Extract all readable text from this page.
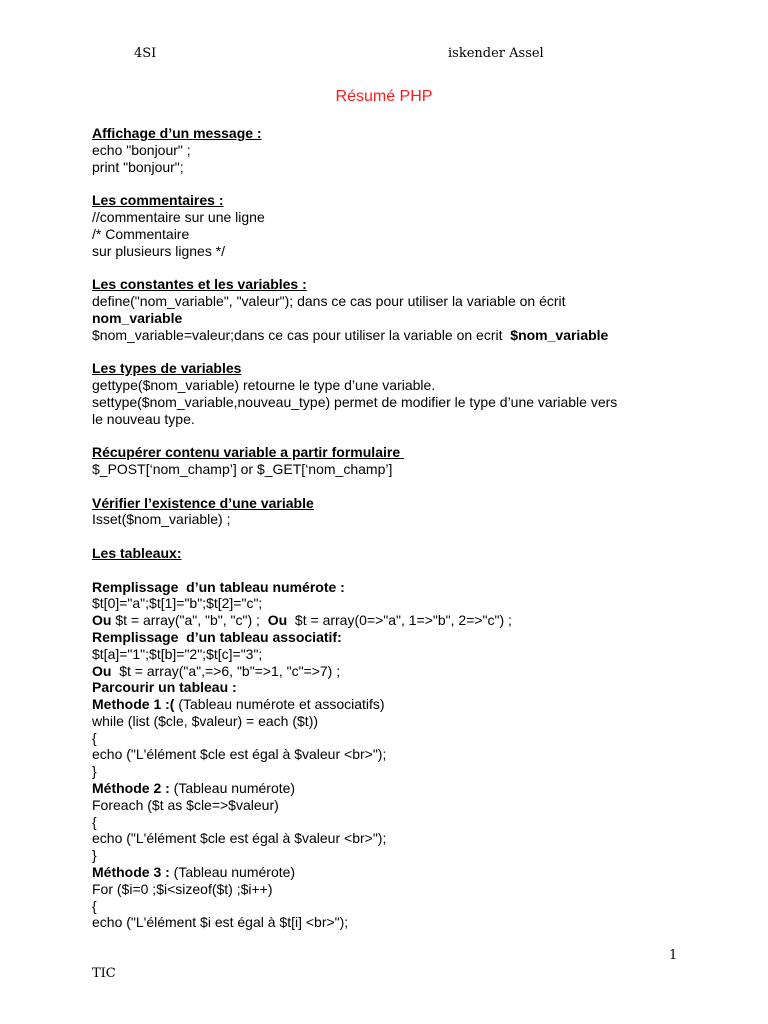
4SI	iskender Assel
Résumé PHP
Affichage d’un message :
echo "bonjour" ;
print "bonjour";
Les commentaires :
//commentaire sur une ligne
/* Commentaire
sur plusieurs lignes */
Les constantes et les variables :
define("nom_variable", "valeur"); dans ce cas pour utiliser la variable on écrit
nom_variable
$nom_variable=valeur;dans ce cas pour utiliser la variable on ecrit  $nom_variable
Les types de variables
gettype($nom_variable) retourne le type d’une variable.
settype($nom_variable,nouveau_type) permet de modifier le type d’une variable vers
le nouveau type.
Récupérer contenu variable a partir formulaire
$_POST[‘nom_champ’] or $_GET[‘nom_champ’]
Vérifier l’existence d’une variable
Isset($nom_variable) ;
Les tableaux:
Remplissage  d’un tableau numérote :
$t[0]="a";$t[1]="b";$t[2]="c";
Ou $t = array("a", "b", "c") ;  Ou  $t = array(0=>"a", 1=>"b", 2=>"c") ;
Remplissage  d’un tableau associatif:
$t[a]="1";$t[b]="2";$t[c]="3";
Ou  $t = array("a",=>6, "b"=>1, "c"=>7) ;
Parcourir un tableau :
Methode 1 :( (Tableau numérote et associatifs)
while (list ($cle, $valeur) = each ($t))
{
echo ("L'élément $cle est égal à $valeur <br>");
}
Méthode 2 : (Tableau numérote)
Foreach ($t as $cle=>$valeur)
{
echo ("L'élément $cle est égal à $valeur <br>");
}
Méthode 3 : (Tableau numérote)
For ($i=0 ;$i<sizeof($t) ;$i++)
{
echo ("L'élément $i est égal à $t[i] <br>");
1
TIC
